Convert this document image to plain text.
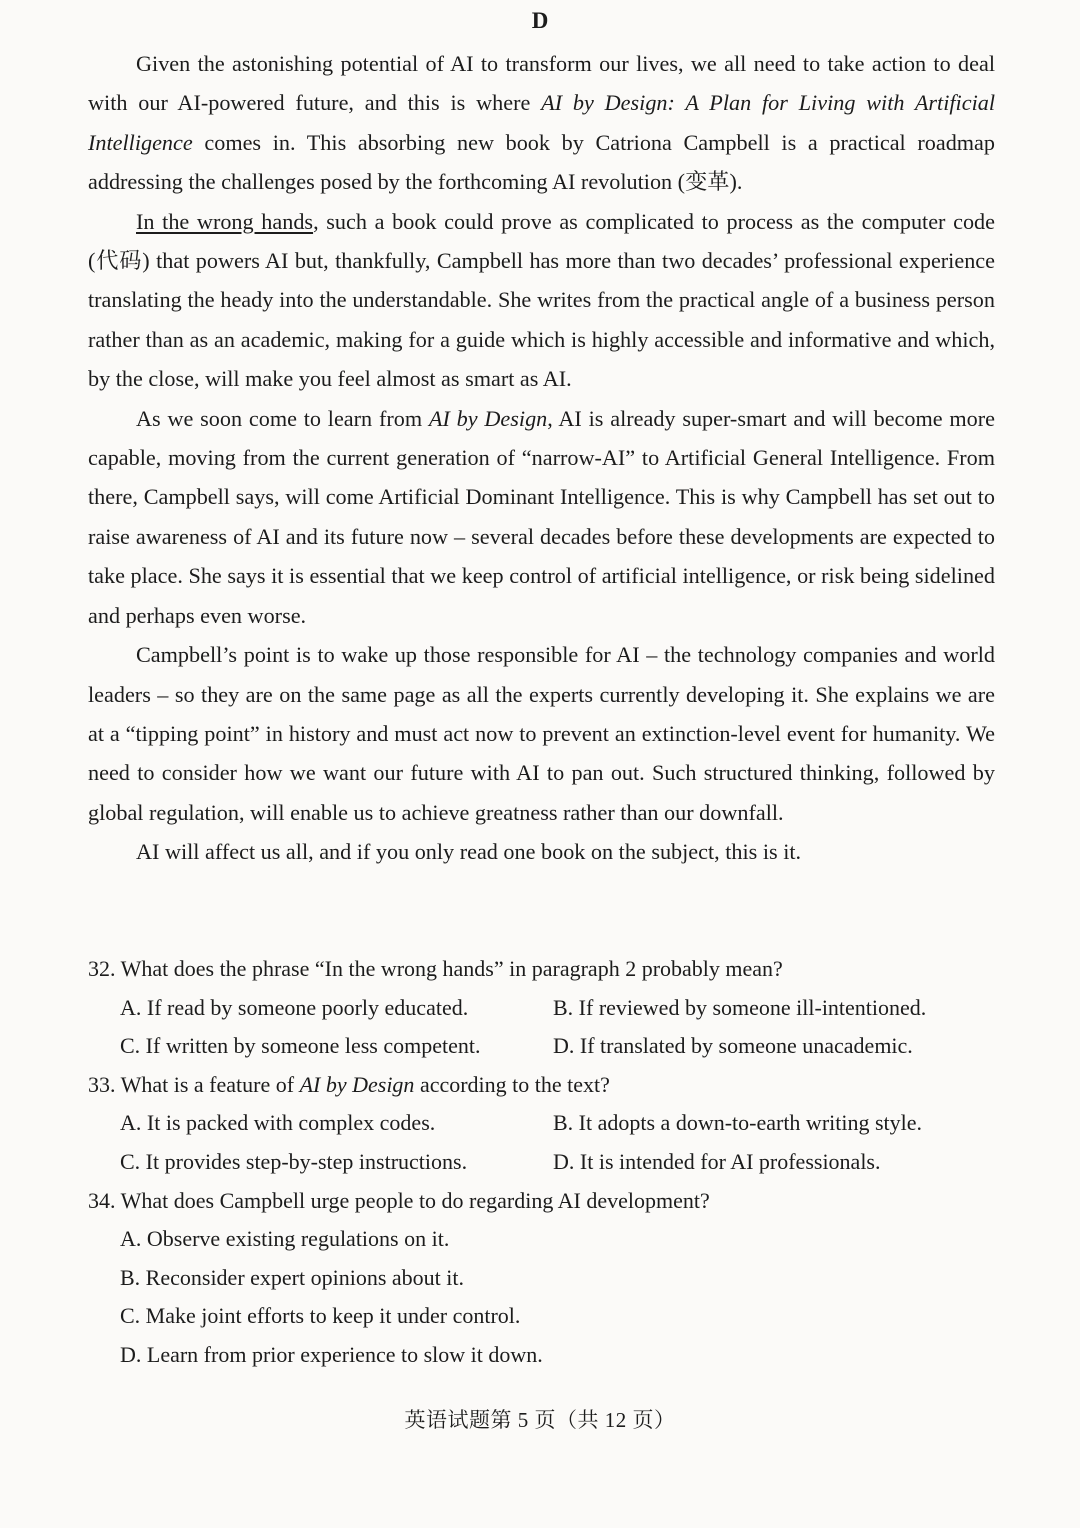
D

Given the astonishing potential of AI to transform our lives, we all need to take action to deal with our AI-powered future, and this is where AI by Design: A Plan for Living with Artificial Intelligence comes in. This absorbing new book by Catriona Campbell is a practical roadmap addressing the challenges posed by the forthcoming AI revolution (变革).

In the wrong hands, such a book could prove as complicated to process as the computer code (代码) that powers AI but, thankfully, Campbell has more than two decades’ professional experience translating the heady into the understandable. She writes from the practical angle of a business person rather than as an academic, making for a guide which is highly accessible and informative and which, by the close, will make you feel almost as smart as AI.

As we soon come to learn from AI by Design, AI is already super-smart and will become more capable, moving from the current generation of “narrow-AI” to Artificial General Intelligence. From there, Campbell says, will come Artificial Dominant Intelligence. This is why Campbell has set out to raise awareness of AI and its future now – several decades before these developments are expected to take place. She says it is essential that we keep control of artificial intelligence, or risk being sidelined and perhaps even worse.

Campbell’s point is to wake up those responsible for AI – the technology companies and world leaders – so they are on the same page as all the experts currently developing it. She explains we are at a “tipping point” in history and must act now to prevent an extinction-level event for humanity. We need to consider how we want our future with AI to pan out. Such structured thinking, followed by global regulation, will enable us to achieve greatness rather than our downfall.

AI will affect us all, and if you only read one book on the subject, this is it.

32. What does the phrase “In the wrong hands” in paragraph 2 probably mean?
A. If read by someone poorly educated.	B. If reviewed by someone ill-intentioned.
C. If written by someone less competent.	D. If translated by someone unacademic.
33. What is a feature of AI by Design according to the text?
A. It is packed with complex codes.	B. It adopts a down-to-earth writing style.
C. It provides step-by-step instructions.	D. It is intended for AI professionals.
34. What does Campbell urge people to do regarding AI development?
A. Observe existing regulations on it.
B. Reconsider expert opinions about it.
C. Make joint efforts to keep it under control.
D. Learn from prior experience to slow it down.
英语试题第 5 页（共 12 页）
